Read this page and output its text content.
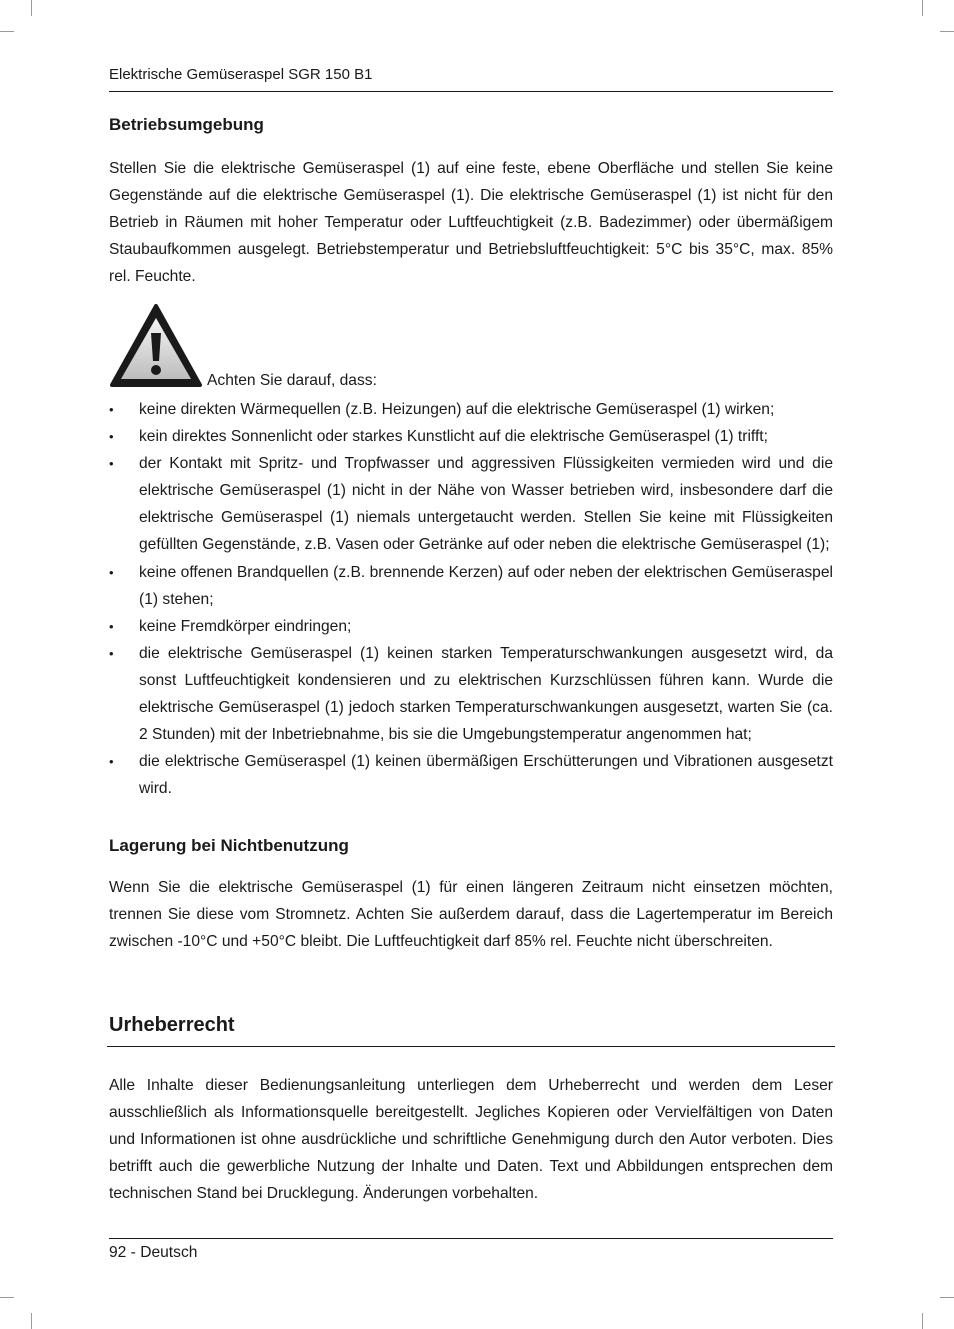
Elektrische Gemüseraspel SGR 150 B1
Betriebsumgebung

Stellen Sie die elektrische Gemüseraspel (1) auf eine feste, ebene Oberfläche und stellen Sie keine Gegenstände auf die elektrische Gemüseraspel (1). Die elektrische Gemüseraspel (1) ist nicht für den Betrieb in Räumen mit hoher Temperatur oder Luftfeuchtigkeit (z.B. Badezimmer) oder übermäßigem Staubaufkommen ausgelegt. Betriebstemperatur und Betriebsluftfeuchtigkeit: 5°C bis 35°C, max. 85% rel. Feuchte.

Achten Sie darauf, dass:
•	keine direkten Wärmequellen (z.B. Heizungen) auf die elektrische Gemüseraspel (1) wirken;
•	kein direktes Sonnenlicht oder starkes Kunstlicht auf die elektrische Gemüseraspel (1) trifft;
•	der Kontakt mit Spritz- und Tropfwasser und aggressiven Flüssigkeiten vermieden wird und die elektrische Gemüseraspel (1) nicht in der Nähe von Wasser betrieben wird, insbesondere darf die elektrische Gemüseraspel (1) niemals untergetaucht werden. Stellen Sie keine mit Flüssigkeiten gefüllten Gegenstände, z.B. Vasen oder Getränke auf oder neben die elektrische Gemüseraspel (1);
•	keine offenen Brandquellen (z.B. brennende Kerzen) auf oder neben der elektrischen Gemüseraspel (1) stehen;
•	keine Fremdkörper eindringen;
•	die elektrische Gemüseraspel (1) keinen starken Temperaturschwankungen ausgesetzt wird, da sonst Luftfeuchtigkeit kondensieren und zu elektrischen Kurzschlüssen führen kann. Wurde die elektrische Gemüseraspel (1) jedoch starken Temperaturschwankungen ausgesetzt, warten Sie (ca. 2 Stunden) mit der Inbetriebnahme, bis sie die Umgebungstemperatur angenommen hat;
•	die elektrische Gemüseraspel (1) keinen übermäßigen Erschütterungen und Vibrationen ausgesetzt wird.
Lagerung bei Nichtbenutzung

Wenn Sie die elektrische Gemüseraspel (1) für einen längeren Zeitraum nicht einsetzen möchten, trennen Sie diese vom Stromnetz. Achten Sie außerdem darauf, dass die Lagertemperatur im Bereich zwischen -10°C und +50°C bleibt. Die Luftfeuchtigkeit darf 85% rel. Feuchte nicht überschreiten.

Urheberrecht

Alle Inhalte dieser Bedienungsanleitung unterliegen dem Urheberrecht und werden dem Leser ausschließlich als Informationsquelle bereitgestellt. Jegliches Kopieren oder Vervielfältigen von Daten und Informationen ist ohne ausdrückliche und schriftliche Genehmigung durch den Autor verboten. Dies betrifft auch die gewerbliche Nutzung der Inhalte und Daten. Text und Abbildungen entsprechen dem technischen Stand bei Drucklegung. Änderungen vorbehalten.

92 - Deutsch
